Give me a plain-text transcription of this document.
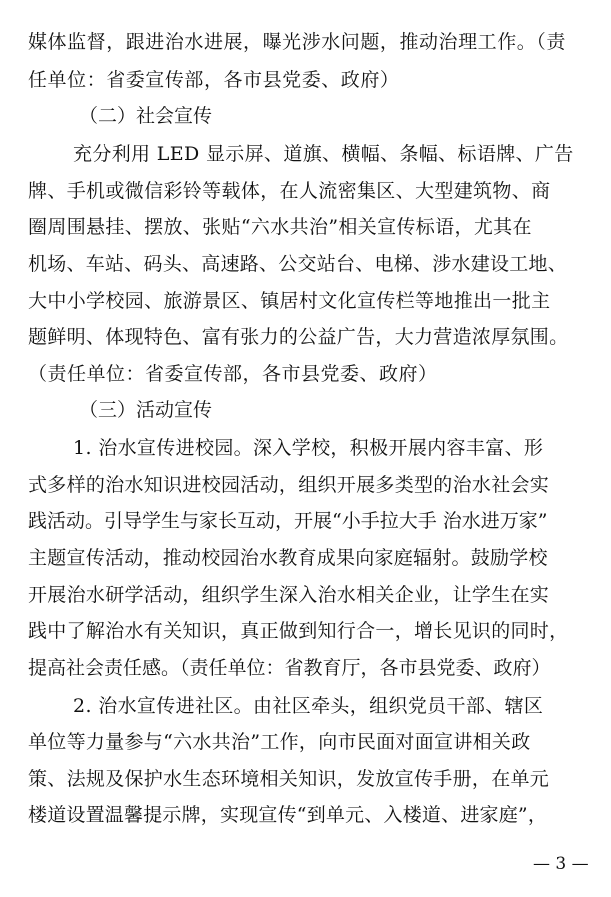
媒体监督，跟进治水进展，曝光涉水问题，推动治理工作。（责
任单位：省委宣传部，各市县党委、政府）
（二）社会宣传
充分利用 LED 显示屏、道旗、横幅、条幅、标语牌、广告
牌、手机或微信彩铃等载体，在人流密集区、大型建筑物、商
圈周围悬挂、摆放、张贴“六水共治”相关宣传标语，尤其在
机场、车站、码头、高速路、公交站台、电梯、涉水建设工地、
大中小学校园、旅游景区、镇居村文化宣传栏等地推出一批主
题鲜明、体现特色、富有张力的公益广告，大力营造浓厚氛围。
（责任单位：省委宣传部，各市县党委、政府）
（三）活动宣传
1. 治水宣传进校园。深入学校，积极开展内容丰富、形
式多样的治水知识进校园活动，组织开展多类型的治水社会实
践活动。引导学生与家长互动，开展“小手拉大手 治水进万家”
主题宣传活动，推动校园治水教育成果向家庭辐射。鼓励学校
开展治水研学活动，组织学生深入治水相关企业，让学生在实
践中了解治水有关知识，真正做到知行合一，增长见识的同时，
提高社会责任感。（责任单位：省教育厅，各市县党委、政府）
2. 治水宣传进社区。由社区牵头，组织党员干部、辖区
单位等力量参与“六水共治”工作，向市民面对面宣讲相关政
策、法规及保护水生态环境相关知识，发放宣传手册，在单元
楼道设置温馨提示牌，实现宣传“到单元、入楼道、进家庭”，
— 3 —
